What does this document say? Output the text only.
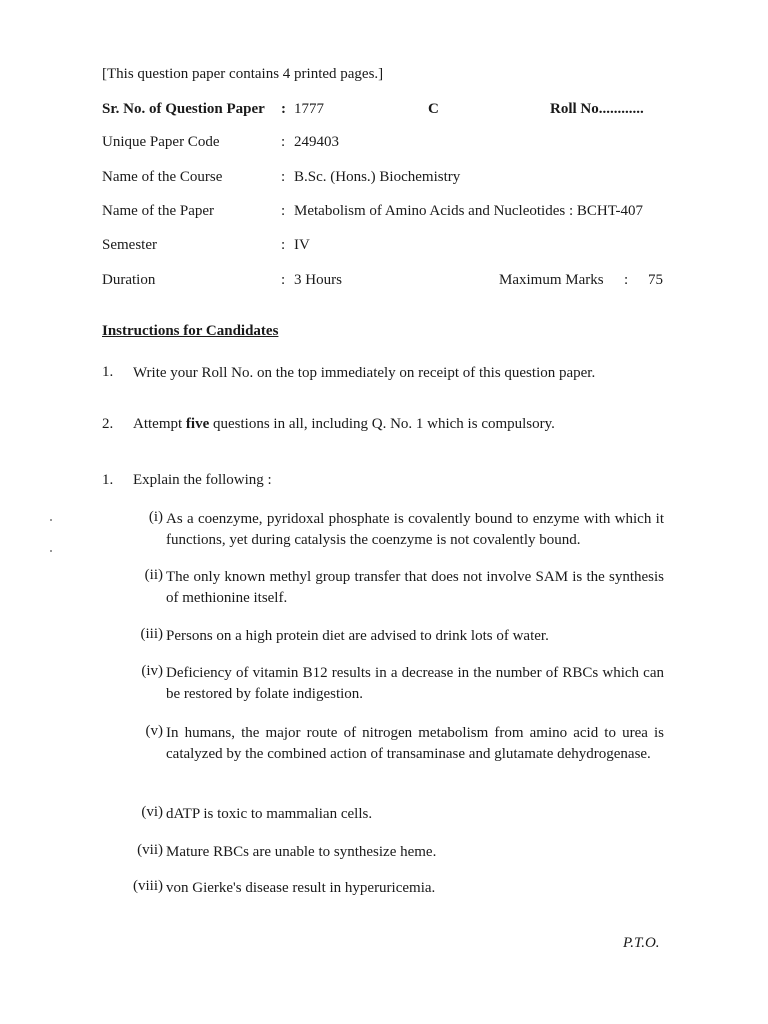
[This question paper contains 4 printed pages.]
Sr. No. of Question Paper : 1777	C	Roll No............
Unique Paper Code	: 249403
Name of the Course	: B.Sc. (Hons.) Biochemistry
Name of the Paper	: Metabolism of Amino Acids and Nucleotides : BCHT-407
Semester	: IV
Duration	: 3 Hours	Maximum Marks : 75
Instructions for Candidates
1. Write your Roll No. on the top immediately on receipt of this question paper.
2. Attempt five questions in all, including Q. No. 1 which is compulsory.
1. Explain the following :
(i) As a coenzyme, pyridoxal phosphate is covalently bound to enzyme with which it functions, yet during catalysis the coenzyme is not covalently bound.
(ii) The only known methyl group transfer that does not involve SAM is the synthesis of methionine itself.
(iii) Persons on a high protein diet are advised to drink lots of water.
(iv) Deficiency of vitamin B12 results in a decrease in the number of RBCs which can be restored by folate indigestion.
(v) In humans, the major route of nitrogen metabolism from amino acid to urea is catalyzed by the combined action of transaminase and glutamate dehydrogenase.
(vi) dATP is toxic to mammalian cells.
(vii) Mature RBCs are unable to synthesize heme.
(viii) von Gierke's disease result in hyperuricemia.
P.T.O.
